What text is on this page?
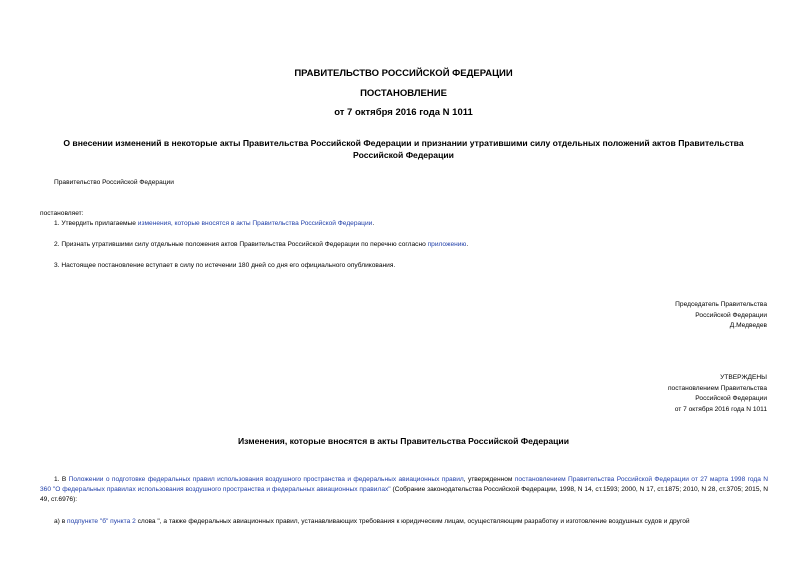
ПРАВИТЕЛЬСТВО РОССИЙСКОЙ ФЕДЕРАЦИИ
ПОСТАНОВЛЕНИЕ
от 7 октября 2016 года N 1011
О внесении изменений в некоторые акты Правительства Российской Федерации и признании утратившими силу отдельных положений актов Правительства
Российской Федерации
Правительство Российской Федерации
постановляет:
1. Утвердить прилагаемые изменения, которые вносятся в акты Правительства Российской Федерации.
2. Признать утратившими силу отдельные положения актов Правительства Российской Федерации по перечню согласно приложению.
3. Настоящее постановление вступает в силу по истечении 180 дней со дня его официального опубликования.
Председатель Правительства
Российской Федерации
Д.Медведев
УТВЕРЖДЕНЫ
постановлением Правительства
Российской Федерации
от 7 октября 2016 года N 1011
Изменения, которые вносятся в акты Правительства Российской Федерации
1. В Положении о подготовке федеральных правил использования воздушного пространства и федеральных авиационных правил, утвержденном постановлением Правительства Российской Федерации от 27 марта 1998 года N 360 "О федеральных правилах использования воздушного пространства и федеральных авиационных правилах" (Собрание законодательства Российской Федерации, 1998, N 14, ст.1593; 2000, N 17, ст.1875; 2010, N 28, ст.3705; 2015, N 49, ст.6976):
а) в подпункте "б" пункта 2 слова ", а также федеральных авиационных правил, устанавливающих требования к юридическим лицам, осуществляющим разработку и изготовление воздушных судов и другой
